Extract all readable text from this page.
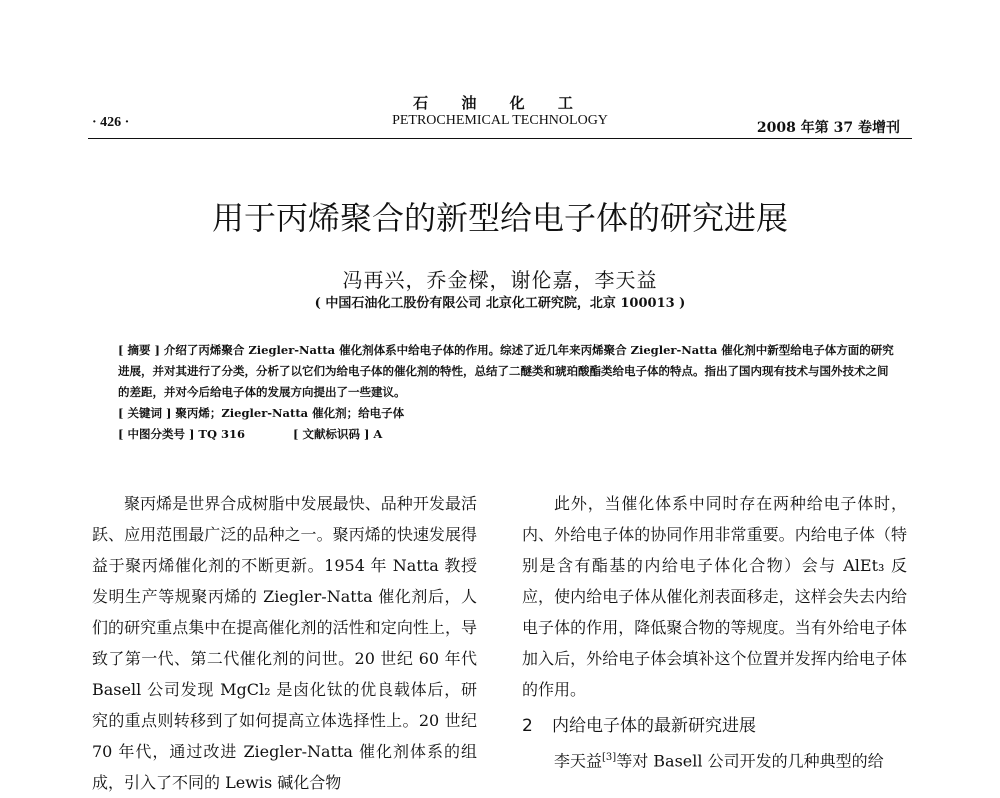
石 油 化 工
· 426 ·	PETROCHEMICAL TECHNOLOGY	2008 年第 37 卷增刊
用于丙烯聚合的新型给电子体的研究进展
冯再兴，乔金樑，谢伦嘉，李天益
( 中国石油化工股份有限公司 北京化工研究院，北京 100013 )

[ 摘要 ] 介绍了丙烯聚合 Ziegler-Natta 催化剂体系中给电子体的作用。综述了近几年来丙烯聚合 Ziegler-Natta 催化剂中新型给电子体方面的研究进展，并对其进行了分类，分析了以它们为给电子体的催化剂的特性，总结了二醚类和琥珀酸酯类给电子体的特点。指出了国内现有技术与国外技术之间的差距，并对今后给电子体的发展方向提出了一些建议。

[ 关键词 ] 聚丙烯；Ziegler-Natta 催化剂；给电子体

[ 中图分类号 ] TQ 316	[ 文献标识码 ] A

聚丙烯是世界合成树脂中发展最快、品种开发最活跃、应用范围最广泛的品种之一。聚丙烯的快速发展得益于聚丙烯催化剂的不断更新。1954 年 Natta 教授发明生产等规聚丙烯的 Ziegler-Natta 催化剂后，人们的研究重点集中在提高催化剂的活性和定向性上，导致了第一代、第二代催化剂的问世。20 世纪 60 年代 Basell 公司发现 MgCl₂ 是卤化钛的优良载体后，研究的重点则转移到了如何提高立体选择性上。20 世纪 70 年代，通过改进 Ziegler-Natta 催化剂体系的组成，引入了不同的 Lewis 碱化合物

此外，当催化体系中同时存在两种给电子体时，内、外给电子体的协同作用非常重要。内给电子体（特别是含有酯基的内给电子体化合物）会与 AlEt₃ 反应，使内给电子体从催化剂表面移走，这样会失去内给电子体的作用，降低聚合物的等规度。当有外给电子体加入后，外给电子体会填补这个位置并发挥内给电子体的作用。

2 内给电子体的最新研究进展

李天益[3]等对 Basell 公司开发的几种典型的给
